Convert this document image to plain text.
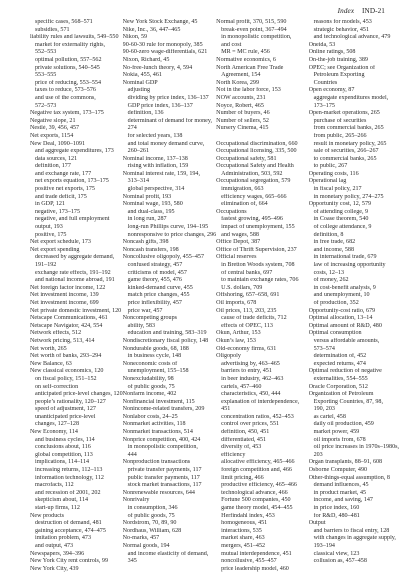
Index IND-21
specific cases, 568–571
subsidies, 571
liability rules and lawsuits, 549–550
market for externality rights,
552–553
optimal pollution, 557–562
private solutions, 540–545
553–555
price of reducing, 553–554
taxes to reduce, 573–576
and use of the commons,
572–573
Negative tax system, 173–175
Negative slope, 21
Nestlé, 39, 456, 457
Net exports, 1154
New Deal, 1090–1091
and aggregate expenditures, 173
data sources, 121
definition, 177
and exchange rate, 177
net exports equation, 173–175
positive net exports, 175
and trade deficit, 175
in GDP, 121
negative, 173–175
negative, and full employment
output, 193
positive, 175
Net export schedule, 173
Net export spending
decreased by aggregate demand,
191–192
exchange rate effects, 191–192
and national income abroad, 191
Net foreign factor income, 122
Net investment income, 139
Net investment income, 699
Net private domestic investment, 120
Netscape Communications, 461
Netscape Navigator, 424, 554
Network effects, 512
Network pricing, 513, 414
Net worth, 265
Net worth of banks, 293–294
New Balance, 63
New classical economics, 120
on fiscal policy, 151–152
on self-correction
anticipated price-level changes, 120
people’s rationality, 120–127
speed of adjustment, 127
unanticipated price-level
changes, 127–128
New Economy, 114
and business cycles, 114
conclusions about, 116
global competition, 113
implications, 114–114
increasing returns, 112–113
information technology, 112
macrofacts, 112
and recession of 2001, 202
skepticism about, 114
start-up firms, 112
New products
destruction of demand, 481
gaining acceptance, 474–475
imitation problem, 473
and output, 473
Newspapers, 394–396
New York City rent controls, 99
New York City, 439
New York Stock Exchange, 45
Nike, Inc., 36, 447–465
Nikon, 59
90-60-30 rule for monopoly, 385
90-60-zero wage-differentials, 621
Nixon, Richard, 45
No-free-lunch theory, 4, 594
Nokia, 455, 461
Nominal GDP
adjusting
dividing by price index, 136–137
GDP price index, 136–137
definition, 136
determinant of demand for money,
274
for selected years, 138
and total money demand curve,
260–261
Nominal income, 137–138
rising with inflation, 159
Nominal interest rate, 159, 194,
313–314
global perspective, 314
Nominal profit, 193
Nominal wage, 193, 580
and dual-class, 195
in long run, 287
long-run Phillips curve, 194–195
nonresponsive to price changes, 296
Noncash gifts, 398
Noncash transfers, 198
Noncollusive oligopoly, 455–457
confused strategy, 457
criticisms of model, 457
game theory, 455, 476
kinked-demand curve, 455
match price changes, 455
price inflexibility, 457
price war, 457
Noncompeting groups
ability, 583
education and training, 583–319
Nondiscretionary fiscal policy, 148
Nondurable goods, 68, 188
in business cycle, 148
Noneconomic costs of
unemployment, 155–158
Nonexcludability, 98
of public goods, 75
Nonfarm income, 402
Nonfinancial investment, 115
Nonincome-related transfers, 209
Nonlabor costs, 24–25
Nonmarket activities, 118
Nonmarket transactions, 514
Nonprice competition, 400, 424
in monopolistic competition,
444
Nonproduction transactions
private transfer payments, 117
public transfer payments, 117
stock market transactions, 117
Nonrenewable resources, 644
Nonrivalry
in consumption, 346
of public goods, 75
Nordstrom, 70, 89, 90
Nordhaus, William, 628
No-marks, 457
Normal goods, 194
and income elasticity of demand,
345
Normal profit, 370, 515, 590
break-even point, 367–494
in monopolistic competition,
and cost
MR = MC rule, 456
Normative economics, 6
North American Free Trade
Agreement, 154
North Korea, 299
Not in the labor force, 153
NOW accounts, 231
Noyce, Robert, 465
Number of buyers, 46
Number of sellers, 52
Nursery Cinema, 415

Occupational discrimination, 660
Occupational licensing, 335, 500
Occupational safety, 581
Occupational Safety and Health
Administration, 503, 592
Occupational segregation, 579
immigration, 663
efficiency wages, 665–666
elimination of, 664
Occupations
fastest growing, 495–496
impact of unemployment, 155
and wages, 588
Office Depot, 387
Office of Thrift Supervision, 237
Official reserves
in Bretton Woods system, 708
of central banks, 697
to maintain exchange rates, 706
U.S. dollars, 709
Offshoring, 657–658, 691
Oil imports, 678
Oil prices, 113, 203, 235
cause of trade deficits, 712
effects of OPEC, 113
Okun, Arthur, 153
Okun’s law, 153
Old-economy firms, 631
Oligopoly
advertising by, 463–465
barriers to entry, 451
in beer industry, 462–463
cartels, 457–460
characteristics, 450, 444
explanation of interdependence,
451
concentration ratios, 452–453
control over prices, 551
definition, 450, 451
differentiated, 451
diversity of, 453
efficiency
allocative efficiency, 465–466
foreign competition and, 466
limit pricing, 466
productive efficiency, 465–466
technological advance, 466
Fortune 500 companies, 450
game theory model, 454–455
Herfindahl index, 453
homogeneous, 451
interactions, 535
market share, 463
mergers, 451–452
mutual interdependence, 451
noncollusive, 455–457
price leadership model, 460
reasons for models, 453
strategic behavior, 451
and technological advance, 479
Oneida, 53
Online ratings, 508
On-the-job training, 389
OPEC; see Organization of
Petroleum Exporting
Countries
Open economy, 87
aggregate expenditures model,
173–175
Open-market operations, 265
purchase of securities
from commercial banks, 265
from public, 265–266
result in monetary policy, 265
sale of securities, 266–267
to commercial banks, 265
to public, 267
Operating costs, 116
Operational lag
in fiscal policy, 217
in monetary policy, 274–275
Opportunity cost, 12, 579
of attending college, 9
in Coase theorem, 540
of college attendance, 9
definition, 8
in free trade, 682
and income, 588
in international trade, 679
law of increasing opportunity
costs, 12–13
of money, 262
in cost-benefit analysis, 9
and unemployment, 10
of production, 352
Opportunity-cost ratio, 679
Optimal allocation, 13–14
Optimal amount of R&D, 480
Optimal consumption
versus affordable amounts,
573–574
determination of, 452
expected returns, 474
Optimal reduction of negative
externalities, 554–555
Oracle Corporation, 512
Organization of Petroleum
Exporting Countries, 87, 98,
190, 203
as cartel, 458
daily oil production, 459
market power, 459
oil imports from, 678
oil price increases in 1970s–1980s,
203
Organ transplants, 88–91, 608
Osborne Computer, 490
Other-things-equal assumption, 8
demand influences, 45
in product market, 45
income, and saving, 147
in price index, 160
for R&D, 480–481
Output
and barriers to fiscal entry, 128
with changes in aggregate supply,
193–194
classical view, 123
collusion as, 457–458
